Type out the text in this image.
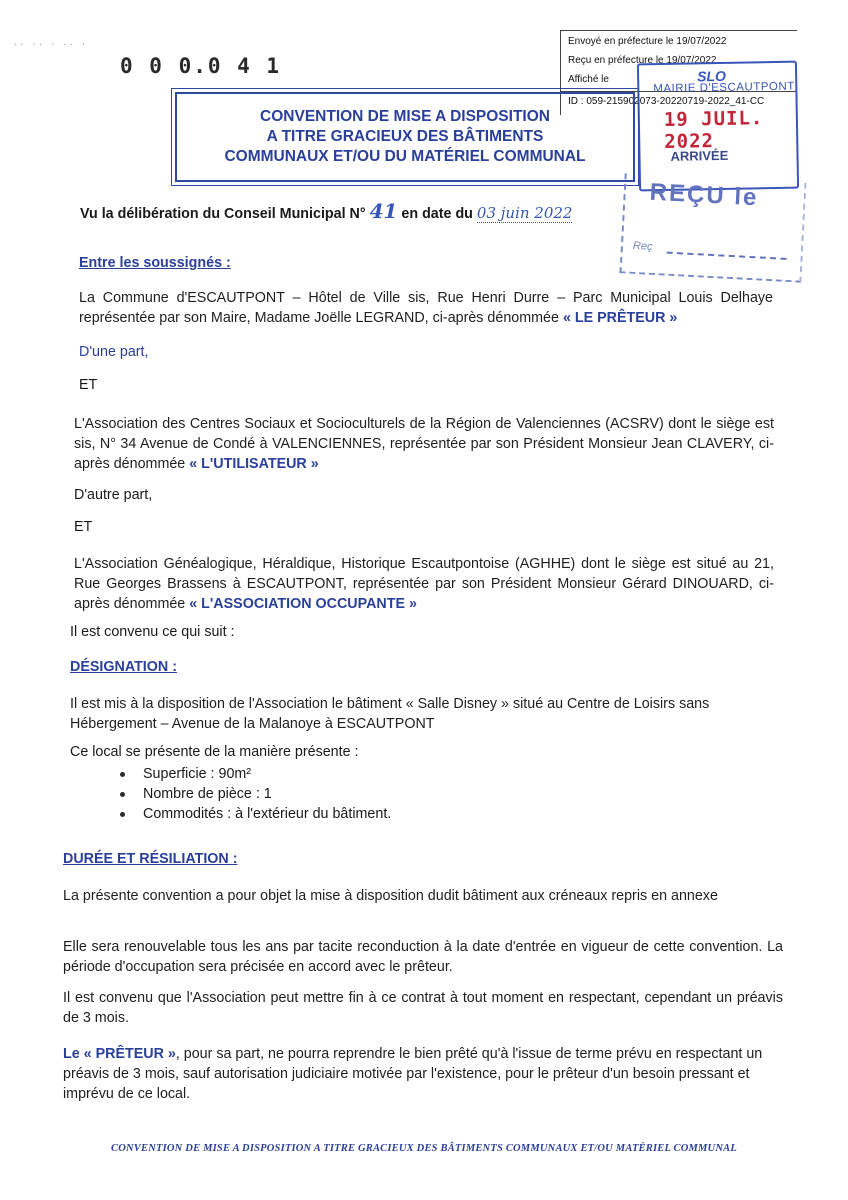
·· ·· · ·· ·
0 0 0.0 4 1
Envoyé en préfecture le 19/07/2022
Reçu en préfecture le 19/07/2022
Affiché le
ID : 059-215902073-20220719-2022_41-CC
SLO
MAIRIE D'ESCAUTPONT
19 JUIL. 2022
ARRIVÉE
CONVENTION DE MISE A DISPOSITION
A TITRE GRACIEUX DES BÂTIMENTS
COMMUNAUX ET/OU DU MATÉRIEL COMMUNAL
REÇU le
Reç
Vu la délibération du Conseil Municipal N° 41 en date du 03 juin 2022
Entre les soussignés :
La Commune d'ESCAUTPONT – Hôtel de Ville sis, Rue Henri Durre – Parc Municipal Louis Delhaye représentée par son Maire, Madame Joëlle LEGRAND, ci-après dénommée « LE PRÊTEUR »
D'une part,
ET
L'Association des Centres Sociaux et Socioculturels de la Région de Valenciennes (ACSRV) dont le siège est sis, N° 34 Avenue de Condé à VALENCIENNES, représentée par son Président Monsieur Jean CLAVERY, ci-après dénommée « L'UTILISATEUR »
D'autre part,
ET
L'Association Généalogique, Héraldique, Historique Escautpontoise (AGHHE) dont le siège est situé au 21, Rue Georges Brassens à ESCAUTPONT, représentée par son Président Monsieur Gérard DINOUARD, ci-après dénommée « L'ASSOCIATION OCCUPANTE »
Il est convenu ce qui suit :
DÉSIGNATION :
Il est mis à la disposition de l'Association le bâtiment « Salle Disney » situé au Centre de Loisirs sans Hébergement – Avenue de la Malanoye à ESCAUTPONT
Ce local se présente de la manière présente :
Superficie : 90m²
Nombre de pièce : 1
Commodités : à l'extérieur du bâtiment.
DURÉE ET RÉSILIATION :
La présente convention a pour objet la mise à disposition dudit bâtiment aux créneaux repris en annexe
Elle sera renouvelable tous les ans par tacite reconduction à la date d'entrée en vigueur de cette convention. La période d'occupation sera précisée en accord avec le prêteur.
Il est convenu que l'Association peut mettre fin à ce contrat à tout moment en respectant, cependant un préavis de 3 mois.
Le « PRÊTEUR », pour sa part, ne pourra reprendre le bien prêté qu'à l'issue de terme prévu en respectant un préavis de 3 mois, sauf autorisation judiciaire motivée par l'existence, pour le prêteur d'un besoin pressant et imprévu de ce local.
CONVENTION DE MISE A DISPOSITION A TITRE GRACIEUX DES BÂTIMENTS COMMUNAUX ET/OU MATÉRIEL COMMUNAL
